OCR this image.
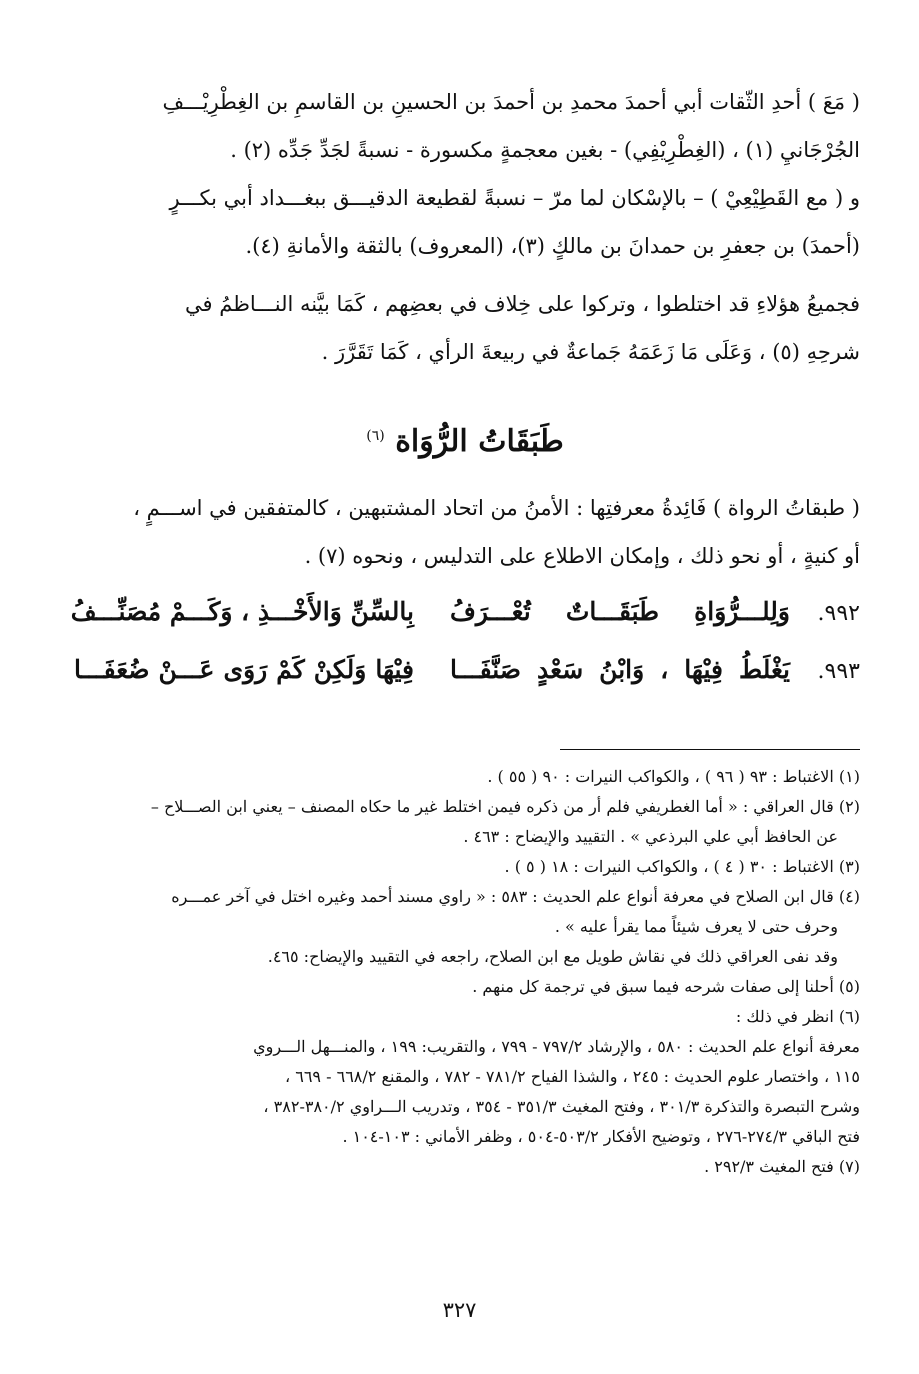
( مَعَ ) أحدِ الثّقات أبي أحمدَ محمدِ بن أحمدَ بن الحسينِ بن القاسمِ بن الغِطْرِيْـــفِ

الجُرْجَانيِ (١) ، (الغِطْرِيْفِي) - بغين معجمةٍ مكسورة - نسبةً لجَدِّ جَدِّه (٢) .

و ( مع القَطِيْعِيْ ) – بالإسْكان لما مرّ – نسبةً لقطيعة الدقيـــق ببغـــداد أبي بكـــرٍ

(أحمدَ) بن جعفرِ بن حمدانَ بن مالكٍ (٣)، (المعروف) بالثقة والأمانةِ (٤).

فجميعُ هؤلاءِ قد اختلطوا ، وتركوا على خِلاف في بعضِهم ، كَمَا بيَّنه النـــاظمُ في

شرحِهِ (٥) ، وَعَلَى مَا زَعَمَهُ جَماعةٌ في ربيعةَ الرأي ، كَمَا تَقَرَّرَ .

طَبَقَاتُ الرُّوَاة $^{(٦)}$

( طبقاتُ الرواة ) فَائِدةُ معرفتِها : الأمنُ من اتحاد المشتبهين ، كالمتفقين في اســـمٍ ،

أو كنيةٍ ، أو نحو ذلك ، وإمكان الاطلاع على التدليس ، ونحوه (٧) .

٩٩٢.
وَلِلـــرُّوَاةِ طَبَقَـــاتٌ تُعْـــرَفُ
بِالسِّنِّ وَالأَخْـــذِ ، وَكَـــمْ مُصَنِّـــفُ
٩٩٣.
يَغْلَطُ فِيْهَا ، وَابْنُ سَعْدٍ صَنَّفَـــا
فِيْهَا وَلَكِنْ كَمْ رَوَى عَـــنْ ضُعَفَـــا

(١) الاغتباط : ٩٣ ( ٩٦ ) ، والكواكب النيرات : ٩٠ ( ٥٥ ) .

(٢) قال العراقي : « أما الغطريفي فلم أر من ذكره فيمن اختلط غير ما حكاه المصنف – يعني ابن الصـــلاح –

عن الحافظ أبي علي البرذعي » . التقييد والإيضاح : ٤٦٣ .

(٣) الاغتباط : ٣٠ ( ٤ ) ، والكواكب النيرات : ١٨ ( ٥ ) .

(٤) قال ابن الصلاح في معرفة أنواع علم الحديث : ٥٨٣ : « راوي مسند أحمد وغيره اختل في آخر عمـــره

وحرف حتى لا يعرف شيئاً مما يقرأ عليه » .

وقد نفى العراقي ذلك في نقاش طويل مع ابن الصلاح، راجعه في التقييد والإيضاح: ٤٦٥.

(٥) أحلنا إلى صفات شرحه فيما سبق في ترجمة كل منهم .

(٦) انظر في ذلك :

معرفة أنواع علم الحديث : ٥٨٠ ، والإرشاد ٧٩٧/٢ - ٧٩٩ ، والتقريب: ١٩٩ ، والمنـــهل الـــروي

١١٥ ، واختصار علوم الحديث : ٢٤٥ ، والشذا الفياح ٧٨١/٢ - ٧٨٢ ، والمقنع ٦٦٨/٢ - ٦٦٩ ،

وشرح التبصرة والتذكرة ٣٠١/٣ ، وفتح المغيث ٣٥١/٣ - ٣٥٤ ، وتدريب الـــراوي ٣٨٠/٢-٣٨٢ ،

فتح الباقي ٢٧٤/٣-٢٧٦ ، وتوضيح الأفكار ٥٠٣/٢-٥٠٤ ، وظفر الأماني : ١٠٣-١٠٤ .

(٧) فتح المغيث ٢٩٢/٣ .

٣٢٧
